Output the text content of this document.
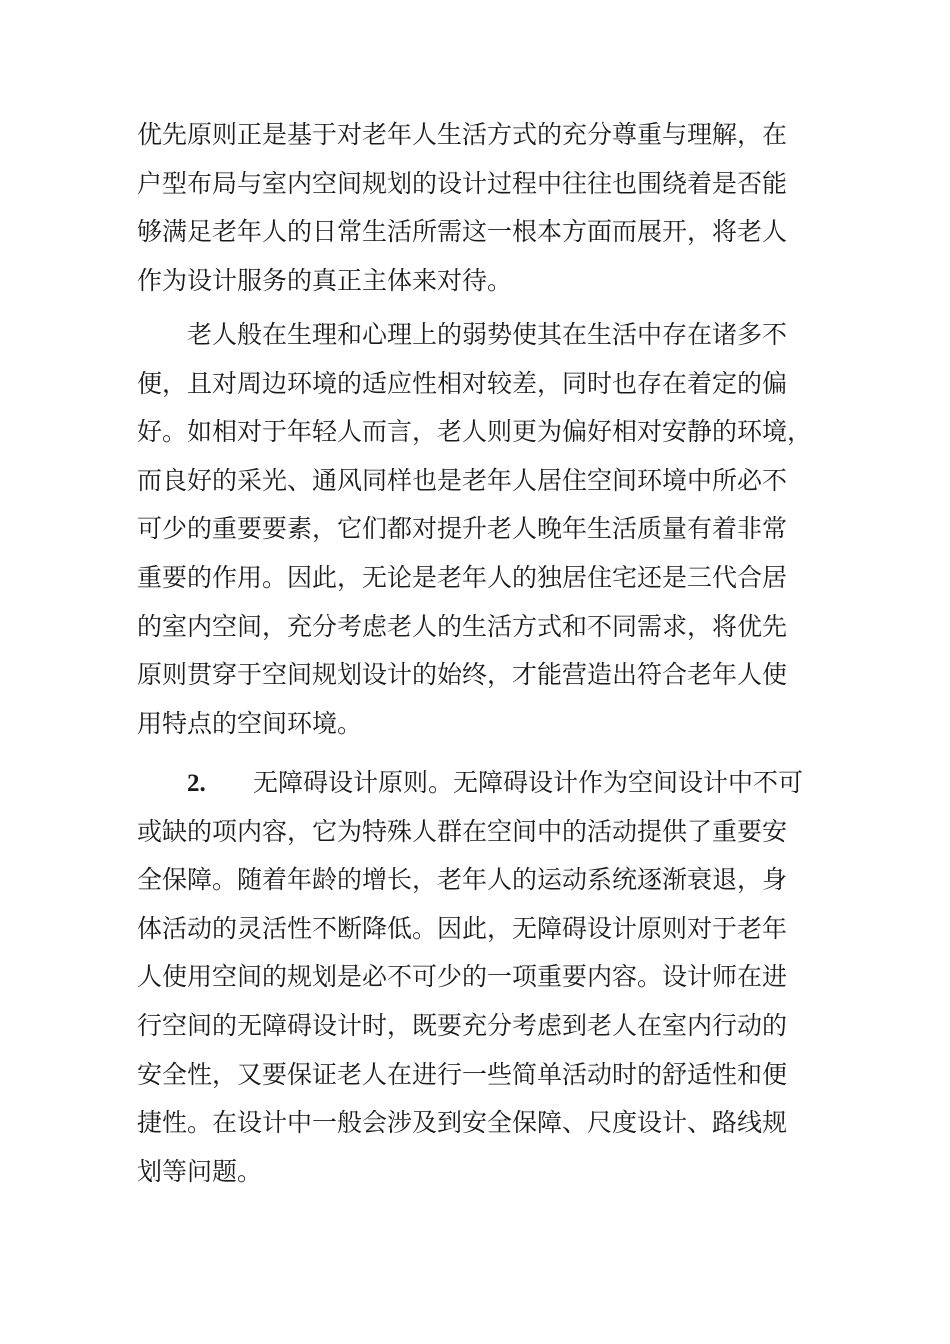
优先原则正是基于对老年人生活方式的充分尊重与理解，在
户型布局与室内空间规划的设计过程中往往也围绕着是否能
够满足老年人的日常生活所需这一根本方面而展开，将老人
作为设计服务的真正主体来对待。
老人般在生理和心理上的弱势使其在生活中存在诸多不
便，且对周边环境的适应性相对较差，同时也存在着定的偏
好。如相对于年轻人而言，老人则更为偏好相对安静的环境，
而良好的采光、通风同样也是老年人居住空间环境中所必不
可少的重要要素，它们都对提升老人晚年生活质量有着非常
重要的作用。因此，无论是老年人的独居住宅还是三代合居
的室内空间，充分考虑老人的生活方式和不同需求，将优先
原则贯穿于空间规划设计的始终，才能营造出符合老年人使
用特点的空间环境。
2. 无障碍设计原则。无障碍设计作为空间设计中不可
或缺的项内容，它为特殊人群在空间中的活动提供了重要安
全保障。随着年龄的增长，老年人的运动系统逐渐衰退，身
体活动的灵活性不断降低。因此，无障碍设计原则对于老年
人使用空间的规划是必不可少的一项重要内容。设计师在进
行空间的无障碍设计时，既要充分考虑到老人在室内行动的
安全性，又要保证老人在进行一些简单活动时的舒适性和便
捷性。在设计中一般会涉及到安全保障、尺度设计、路线规
划等问题。
